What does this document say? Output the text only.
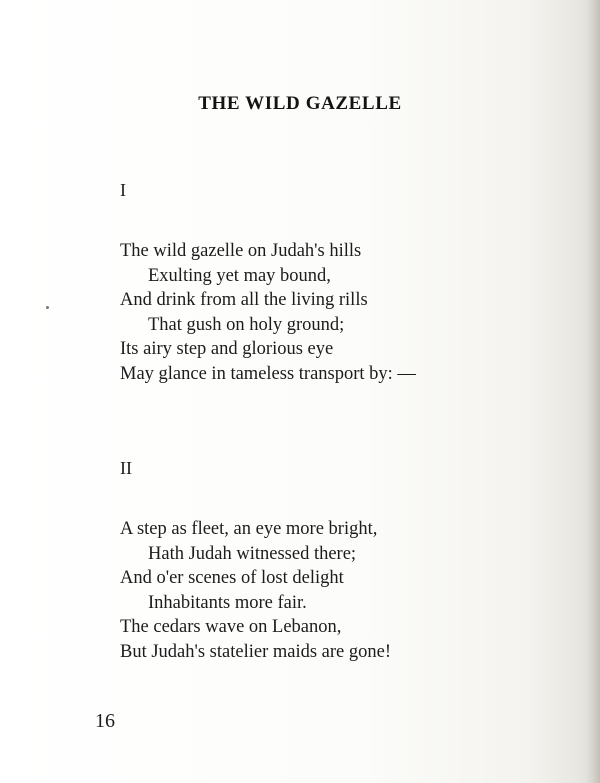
THE WILD GAZELLE
I
The wild gazelle on Judah's hills
Exulting yet may bound,
And drink from all the living rills
That gush on holy ground;
Its airy step and glorious eye
May glance in tameless transport by: —
II
A step as fleet, an eye more bright,
Hath Judah witnessed there;
And o'er scenes of lost delight
Inhabitants more fair.
The cedars wave on Lebanon,
But Judah's statelier maids are gone!
16
